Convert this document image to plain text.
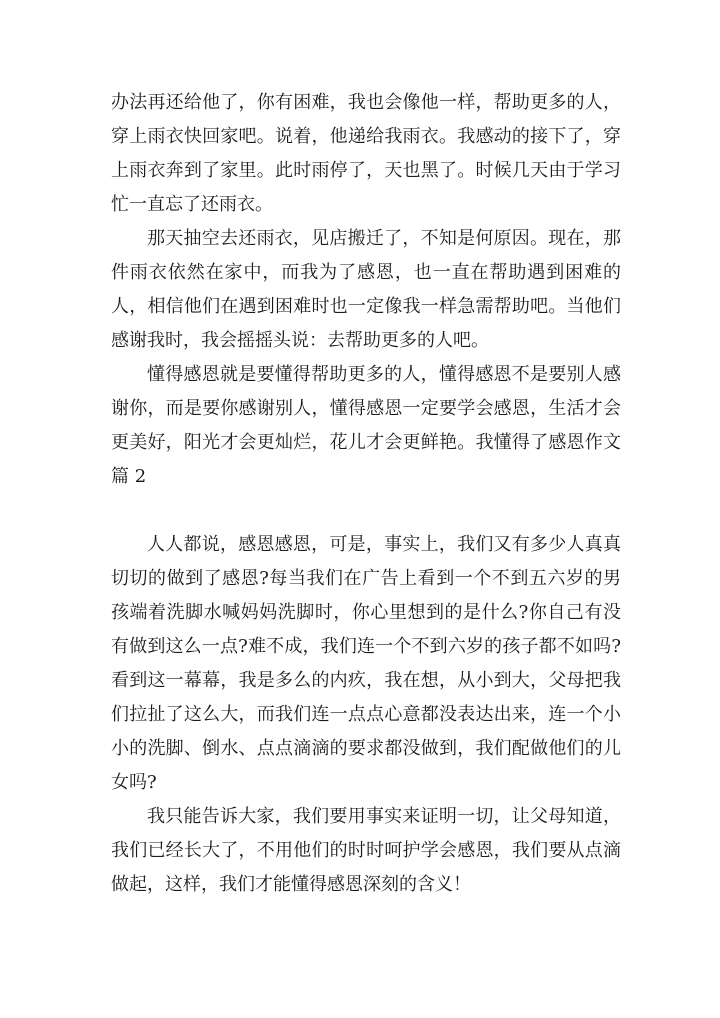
办法再还给他了，你有困难，我也会像他一样，帮助更多的人，穿上雨衣快回家吧。说着，他递给我雨衣。我感动的接下了，穿上雨衣奔到了家里。此时雨停了，天也黑了。时候几天由于学习忙一直忘了还雨衣。

那天抽空去还雨衣，见店搬迁了，不知是何原因。现在，那件雨衣依然在家中，而我为了感恩，也一直在帮助遇到困难的人，相信他们在遇到困难时也一定像我一样急需帮助吧。当他们感谢我时，我会摇摇头说：去帮助更多的人吧。

懂得感恩就是要懂得帮助更多的人，懂得感恩不是要别人感谢你，而是要你感谢别人，懂得感恩一定要学会感恩，生活才会更美好，阳光才会更灿烂，花儿才会更鲜艳。我懂得了感恩作文篇 2

人人都说，感恩感恩，可是，事实上，我们又有多少人真真切切的做到了感恩?每当我们在广告上看到一个不到五六岁的男孩端着洗脚水喊妈妈洗脚时，你心里想到的是什么?你自己有没有做到这么一点?难不成，我们连一个不到六岁的孩子都不如吗?看到这一幕幕，我是多么的内疚，我在想，从小到大，父母把我们拉扯了这么大，而我们连一点点心意都没表达出来，连一个小小的洗脚、倒水、点点滴滴的要求都没做到，我们配做他们的儿女吗?

我只能告诉大家，我们要用事实来证明一切，让父母知道，我们已经长大了，不用他们的时时呵护学会感恩，我们要从点滴做起，这样，我们才能懂得感恩深刻的含义！
